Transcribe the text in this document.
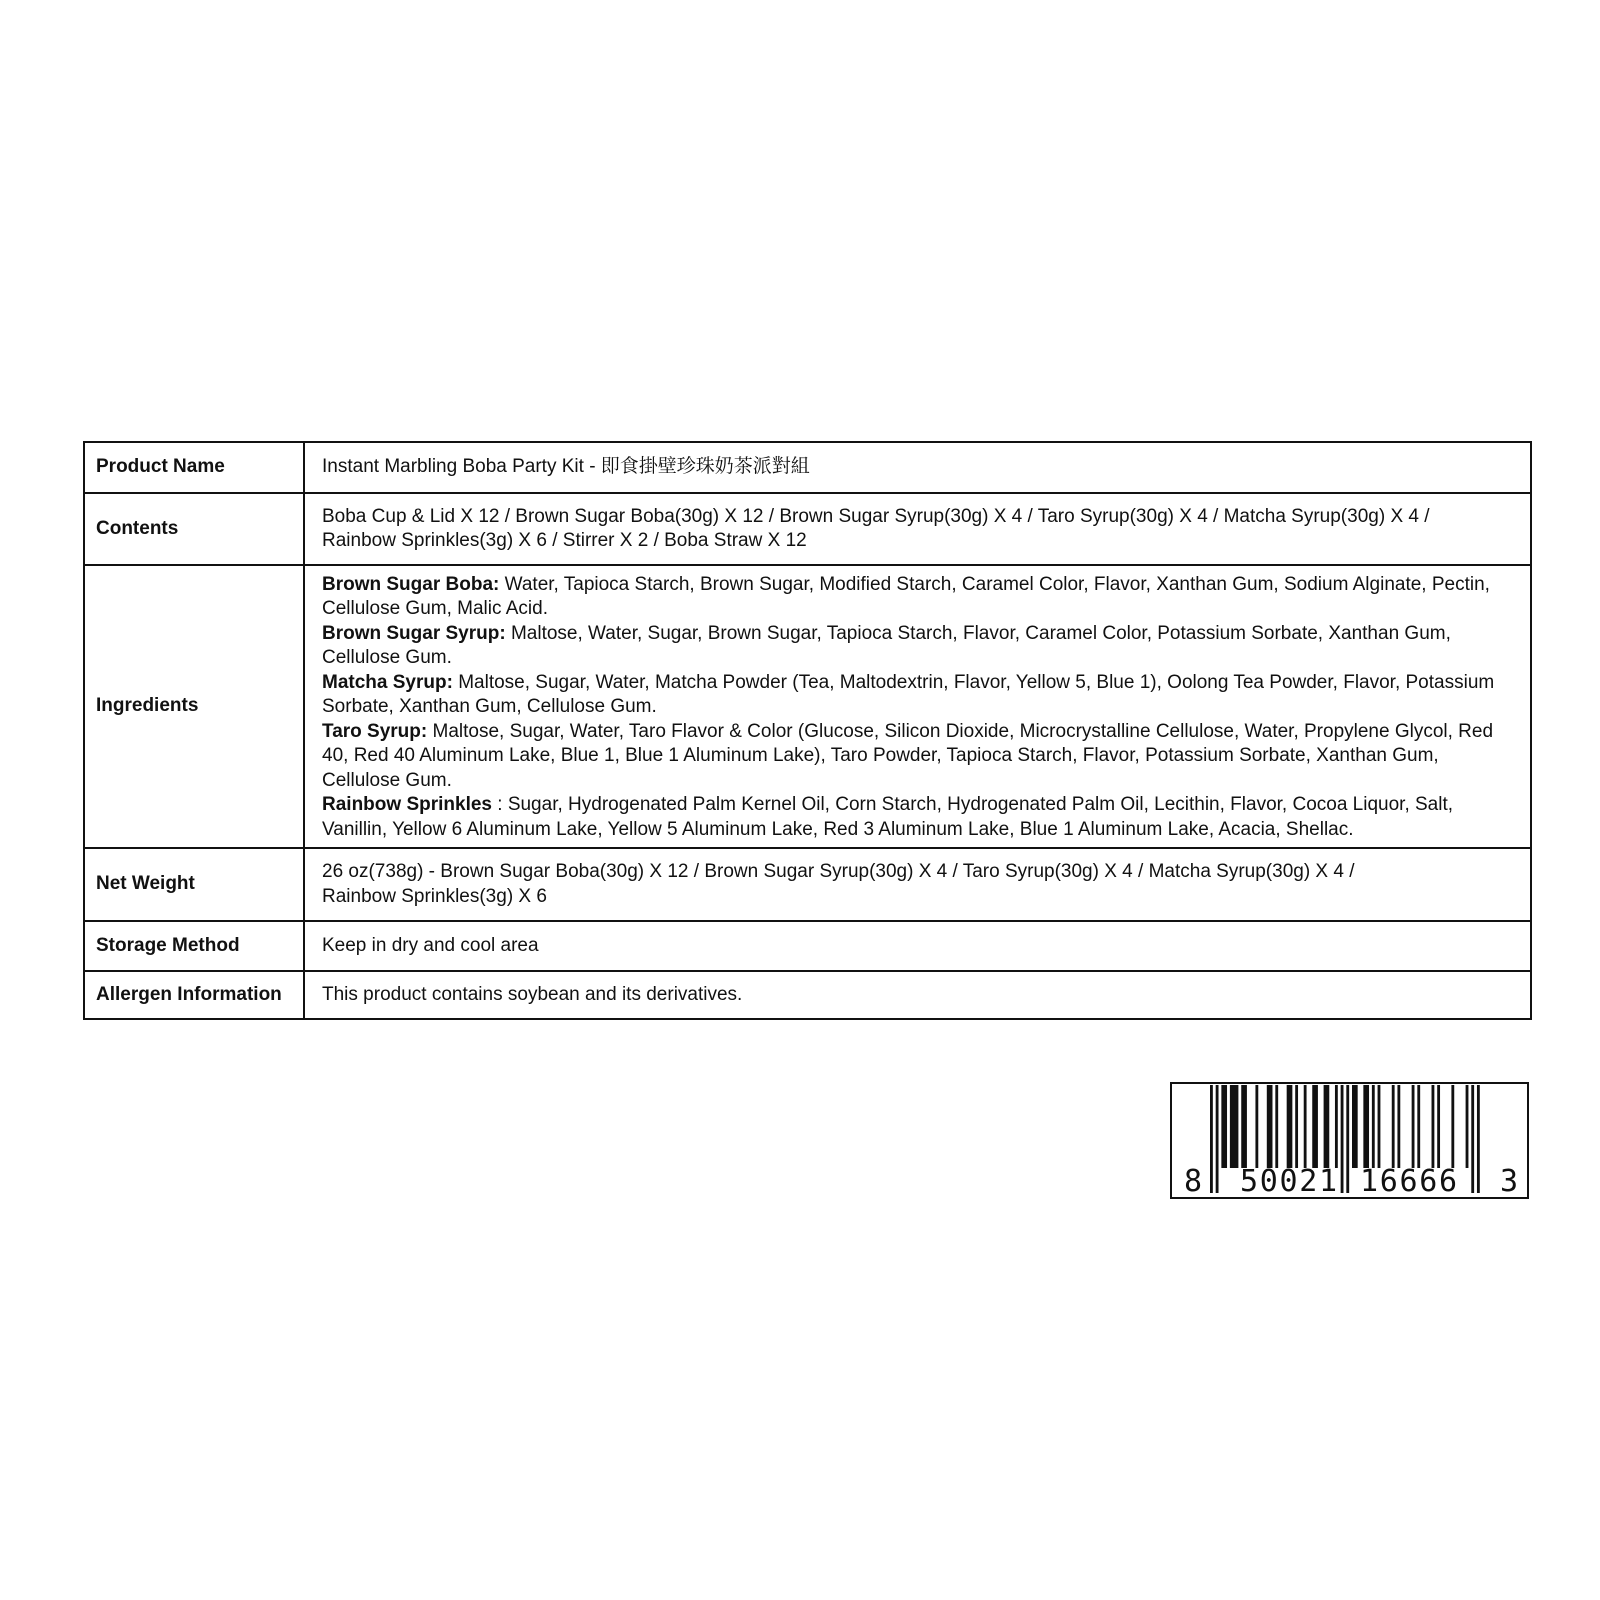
Product Name	Instant Marbling Boba Party Kit - 即食掛壁珍珠奶茶派對組

Contents	Boba Cup & Lid X 12 / Brown Sugar Boba(30g) X 12 / Brown Sugar Syrup(30g) X 4 / Taro Syrup(30g) X 4 / Matcha Syrup(30g) X 4 /
Rainbow Sprinkles(3g) X 6 / Stirrer X 2 / Boba Straw X 12

Ingredients	Brown Sugar Boba: Water, Tapioca Starch, Brown Sugar, Modified Starch, Caramel Color, Flavor, Xanthan Gum, Sodium Alginate, Pectin, Cellulose Gum, Malic Acid.
Brown Sugar Syrup: Maltose, Water, Sugar, Brown Sugar, Tapioca Starch, Flavor, Caramel Color, Potassium Sorbate, Xanthan Gum, Cellulose Gum.
Matcha Syrup: Maltose, Sugar, Water, Matcha Powder (Tea, Maltodextrin, Flavor, Yellow 5, Blue 1), Oolong Tea Powder, Flavor, Potassium Sorbate, Xanthan Gum, Cellulose Gum.
Taro Syrup: Maltose, Sugar, Water, Taro Flavor & Color (Glucose, Silicon Dioxide, Microcrystalline Cellulose, Water, Propylene Glycol, Red 40, Red 40 Aluminum Lake, Blue 1, Blue 1 Aluminum Lake), Taro Powder, Tapioca Starch, Flavor, Potassium Sorbate, Xanthan Gum, Cellulose Gum.
Rainbow Sprinkles : Sugar, Hydrogenated Palm Kernel Oil, Corn Starch, Hydrogenated Palm Oil, Lecithin, Flavor, Cocoa Liquor, Salt, Vanillin, Yellow 6 Aluminum Lake, Yellow 5 Aluminum Lake, Red 3 Aluminum Lake, Blue 1 Aluminum Lake, Acacia, Shellac.

Net Weight	26 oz(738g) - Brown Sugar Boba(30g) X 12 / Brown Sugar Syrup(30g) X 4 / Taro Syrup(30g) X 4 / Matcha Syrup(30g) X 4 /
Rainbow Sprinkles(3g) X 6

Storage Method	Keep in dry and cool area

Allergen Information	This product contains soybean and its derivatives.
8 50021 16666 3
